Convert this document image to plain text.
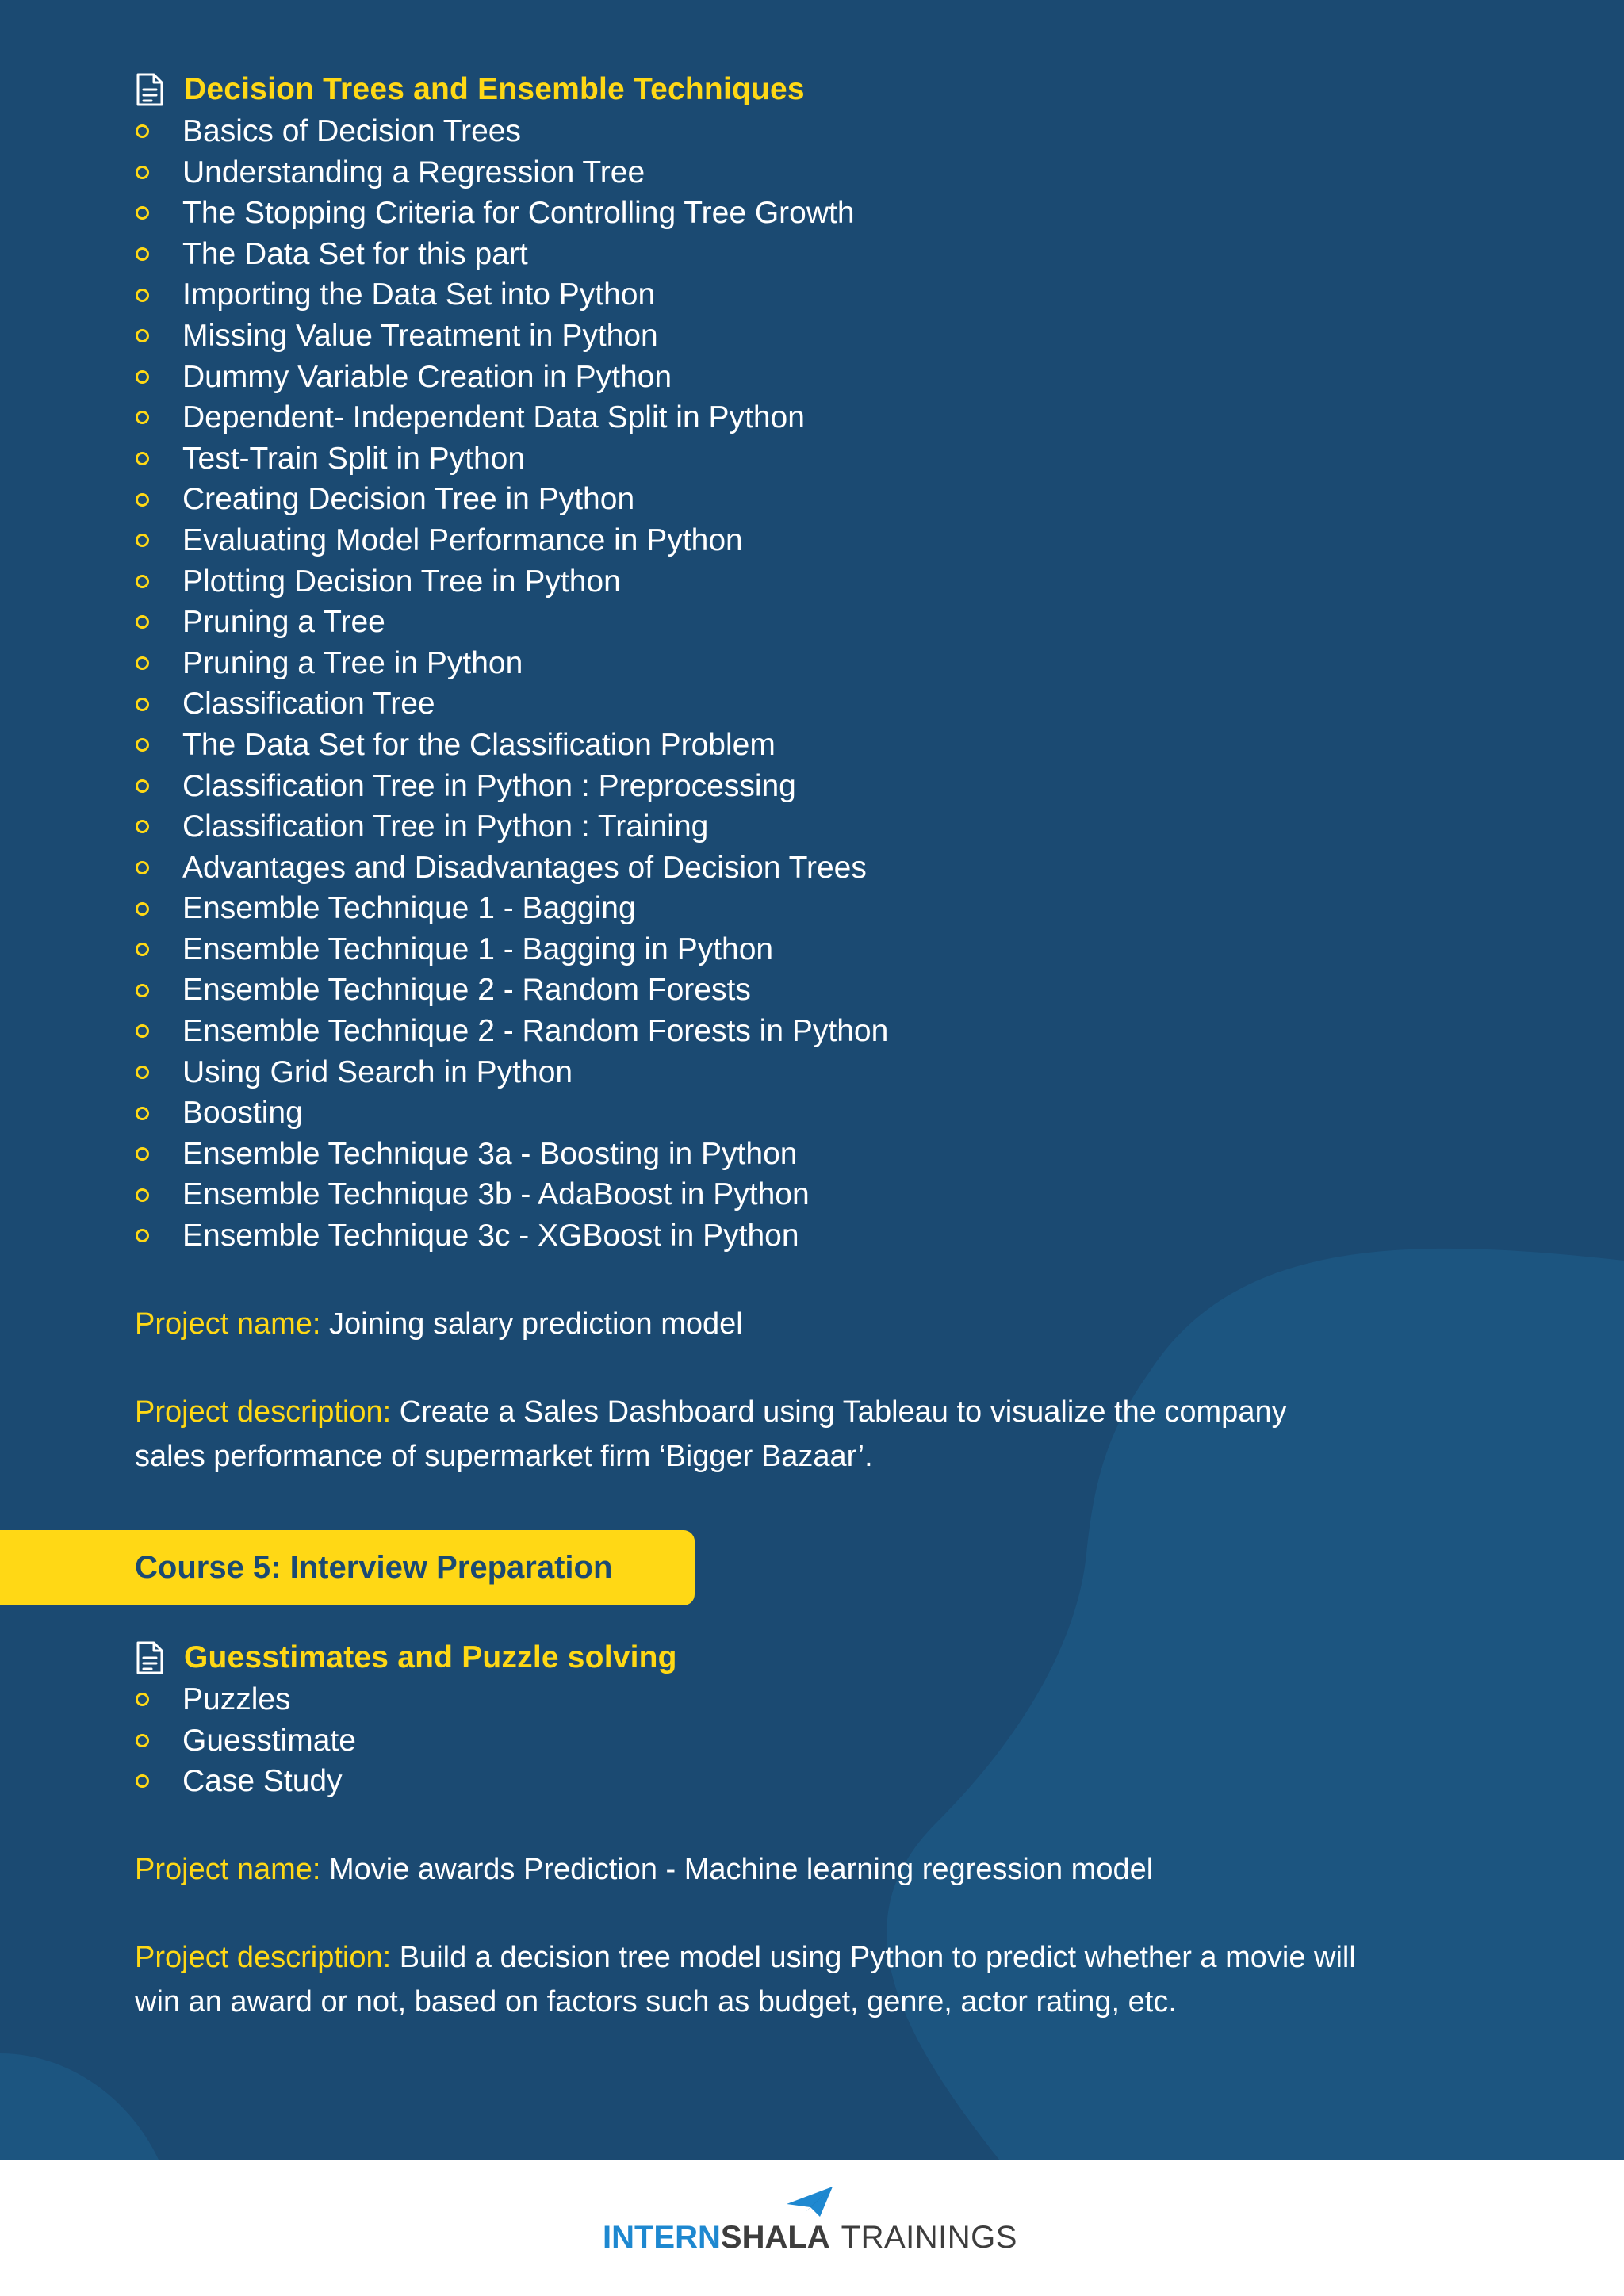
Decision Trees and Ensemble Techniques
Basics of Decision Trees
Understanding a Regression Tree
The Stopping Criteria for Controlling Tree Growth
The Data Set for this part
Importing the Data Set into Python
Missing Value Treatment in Python
Dummy Variable Creation in Python
Dependent- Independent Data Split in Python
Test-Train Split in Python
Creating Decision Tree in Python
Evaluating Model Performance in Python
Plotting Decision Tree in Python
Pruning a Tree
Pruning a Tree in Python
Classification Tree
The Data Set for the Classification Problem
Classification Tree in Python : Preprocessing
Classification Tree in Python : Training
Advantages and Disadvantages of Decision Trees
Ensemble Technique 1 - Bagging
Ensemble Technique 1 - Bagging in Python
Ensemble Technique 2 - Random Forests
Ensemble Technique 2 - Random Forests in Python
Using Grid Search in Python
Boosting
Ensemble Technique 3a - Boosting in Python
Ensemble Technique 3b - AdaBoost in Python
Ensemble Technique 3c - XGBoost in Python
Project name: Joining salary prediction model
Project description: Create a Sales Dashboard using Tableau to visualize the company
sales performance of supermarket firm ‘Bigger Bazaar’.
Course 5: Interview Preparation
Guesstimates and Puzzle solving
Puzzles
Guesstimate
Case Study
Project name: Movie awards Prediction - Machine learning regression model
Project description: Build a decision tree model using Python to predict whether a movie will
win an award or not, based on factors such as budget, genre, actor rating, etc.
INTERN SHALA TRAININGS
